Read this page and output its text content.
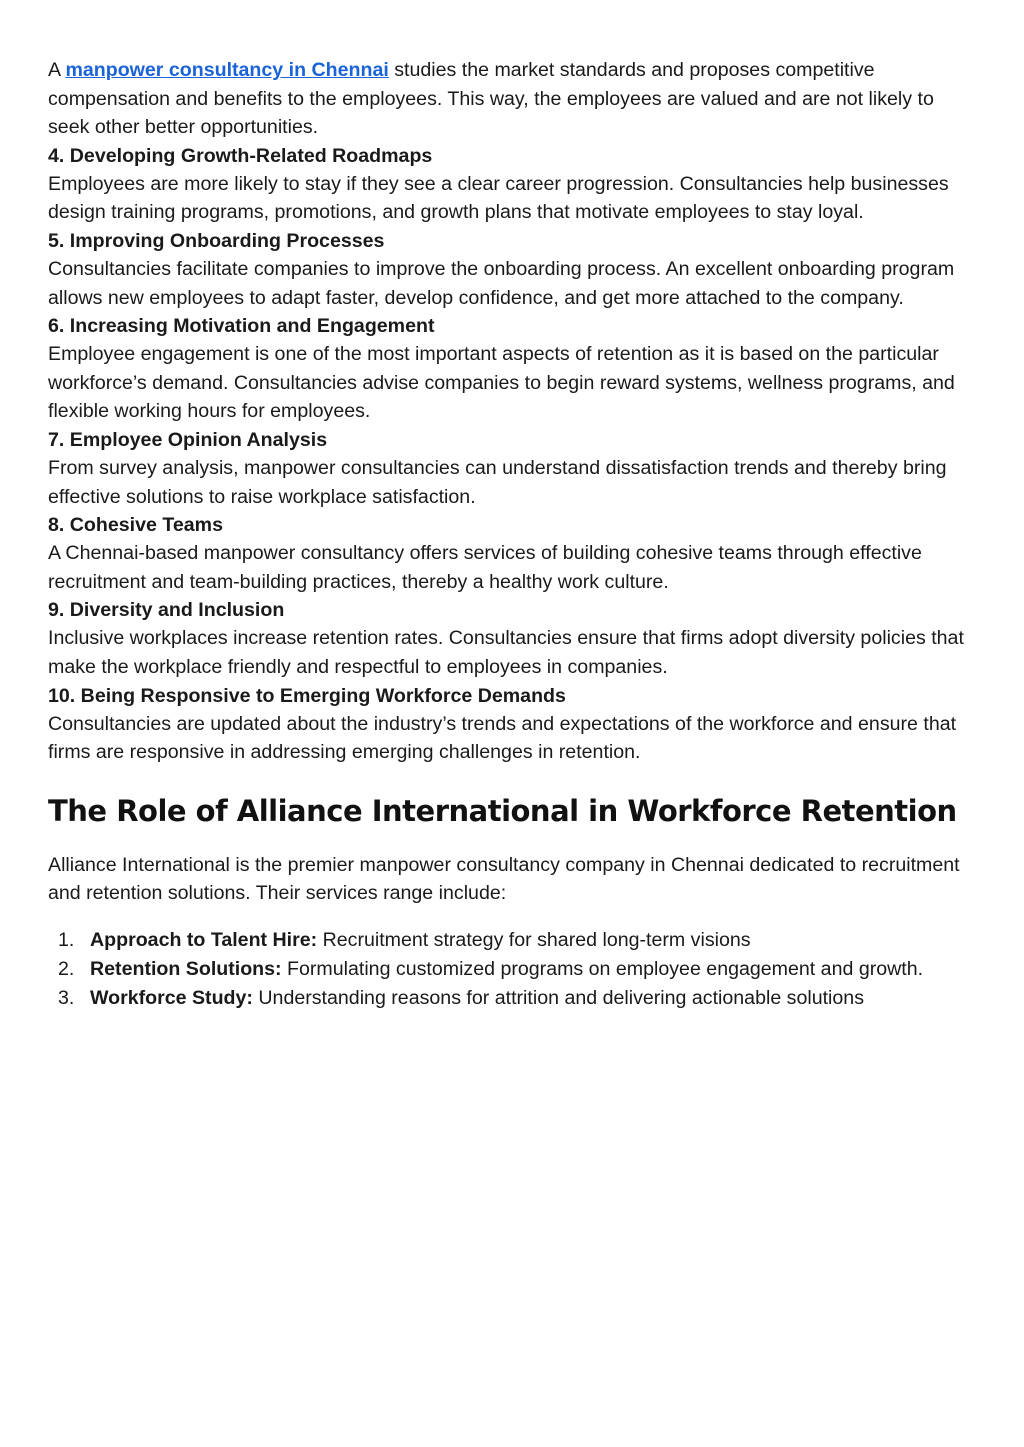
A manpower consultancy in Chennai studies the market standards and proposes competitive compensation and benefits to the employees. This way, the employees are valued and are not likely to seek other better opportunities.

4. Developing Growth-Related Roadmaps

Employees are more likely to stay if they see a clear career progression. Consultancies help businesses design training programs, promotions, and growth plans that motivate employees to stay loyal.

5. Improving Onboarding Processes

Consultancies facilitate companies to improve the onboarding process. An excellent onboarding program allows new employees to adapt faster, develop confidence, and get more attached to the company.

6. Increasing Motivation and Engagement

Employee engagement is one of the most important aspects of retention as it is based on the particular workforce’s demand. Consultancies advise companies to begin reward systems, wellness programs, and flexible working hours for employees.

7. Employee Opinion Analysis

From survey analysis, manpower consultancies can understand dissatisfaction trends and thereby bring effective solutions to raise workplace satisfaction.

8. Cohesive Teams

A Chennai-based manpower consultancy offers services of building cohesive teams through effective recruitment and team-building practices, thereby a healthy work culture.

9. Diversity and Inclusion

Inclusive workplaces increase retention rates. Consultancies ensure that firms adopt diversity policies that make the workplace friendly and respectful to employees in companies.

10. Being Responsive to Emerging Workforce Demands

Consultancies are updated about the industry’s trends and expectations of the workforce and ensure that firms are responsive in addressing emerging challenges in retention.

The Role of Alliance International in Workforce Retention

Alliance International is the premier manpower consultancy company in Chennai dedicated to recruitment and retention solutions. Their services range include:

1. Approach to Talent Hire: Recruitment strategy for shared long-term visions
2. Retention Solutions: Formulating customized programs on employee engagement and growth.
3. Workforce Study: Understanding reasons for attrition and delivering actionable solutions
